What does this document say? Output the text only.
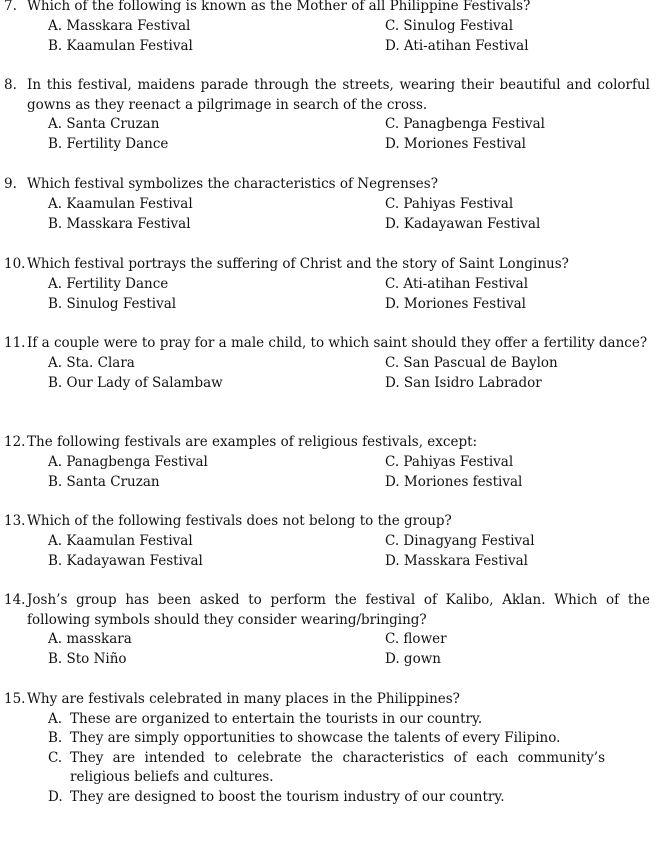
7. Which of the following is known as the Mother of all Philippine Festivals?
A. Masskara Festival
B. Kaamulan Festival
C. Sinulog Festival
D. Ati-atihan Festival
8. In this festival, maidens parade through the streets, wearing their beautiful and colorful gowns as they reenact a pilgrimage in search of the cross.
A. Santa Cruzan
B. Fertility Dance
C. Panagbenga Festival
D. Moriones Festival
9. Which festival symbolizes the characteristics of Negrenses?
A. Kaamulan Festival
B. Masskara Festival
C. Pahiyas Festival
D. Kadayawan Festival
10. Which festival portrays the suffering of Christ and the story of Saint Longinus?
A. Fertility Dance
B. Sinulog Festival
C. Ati-atihan Festival
D. Moriones Festival
11. If a couple were to pray for a male child, to which saint should they offer a fertility dance?
A. Sta. Clara
B. Our Lady of Salambaw
C. San Pascual de Baylon
D. San Isidro Labrador
12. The following festivals are examples of religious festivals, except:
A. Panagbenga Festival
B. Santa Cruzan
C. Pahiyas Festival
D. Moriones festival
13. Which of the following festivals does not belong to the group?
A. Kaamulan Festival
B. Kadayawan Festival
C. Dinagyang Festival
D. Masskara Festival
14. Josh’s group has been asked to perform the festival of Kalibo, Aklan. Which of the following symbols should they consider wearing/bringing?
A. masskara
B. Sto Niño
C. flower
D. gown
15. Why are festivals celebrated in many places in the Philippines?
A. These are organized to entertain the tourists in our country.
B. They are simply opportunities to showcase the talents of every Filipino.
C. They are intended to celebrate the characteristics of each community’s religious beliefs and cultures.
D. They are designed to boost the tourism industry of our country.
